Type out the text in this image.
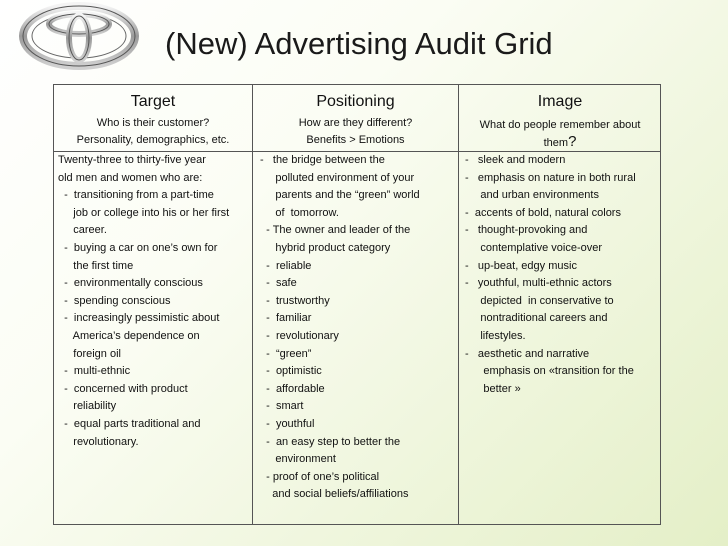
(New) Advertising Audit Grid
Target
Who is their customer?
Personality, demographics, etc.
Positioning
How are they different?
Benefits > Emotions
Image
What do people remember about
them?
Twenty-three to thirty-five year
old men and women who are:
-  transitioning from a part-time
job or college into his or her first
career.
-  buying a car on one’s own for
the first time
-  environmentally conscious
-  spending conscious
-  increasingly pessimistic about
America’s dependence on
foreign oil
-  multi-ethnic
-  concerned with product
reliability
-  equal parts traditional and
revolutionary.
-   the bridge between the
polluted environment of your
parents and the “green” world
of  tomorrow.
- The owner and leader of the
hybrid product category
-  reliable
-  safe
-  trustworthy
-  familiar
-  revolutionary
-  “green”
-  optimistic
-  affordable
-  smart
-  youthful
-  an easy step to better the
environment
- proof of one’s political
and social beliefs/affiliations
-   sleek and modern
-   emphasis on nature in both rural
and urban environments
-  accents of bold, natural colors
-   thought-provoking and
contemplative voice-over
-   up-beat, edgy music
-   youthful, multi-ethnic actors
depicted  in conservative to
nontraditional careers and
lifestyles.
-   aesthetic and narrative
emphasis on «transition for the
better »
